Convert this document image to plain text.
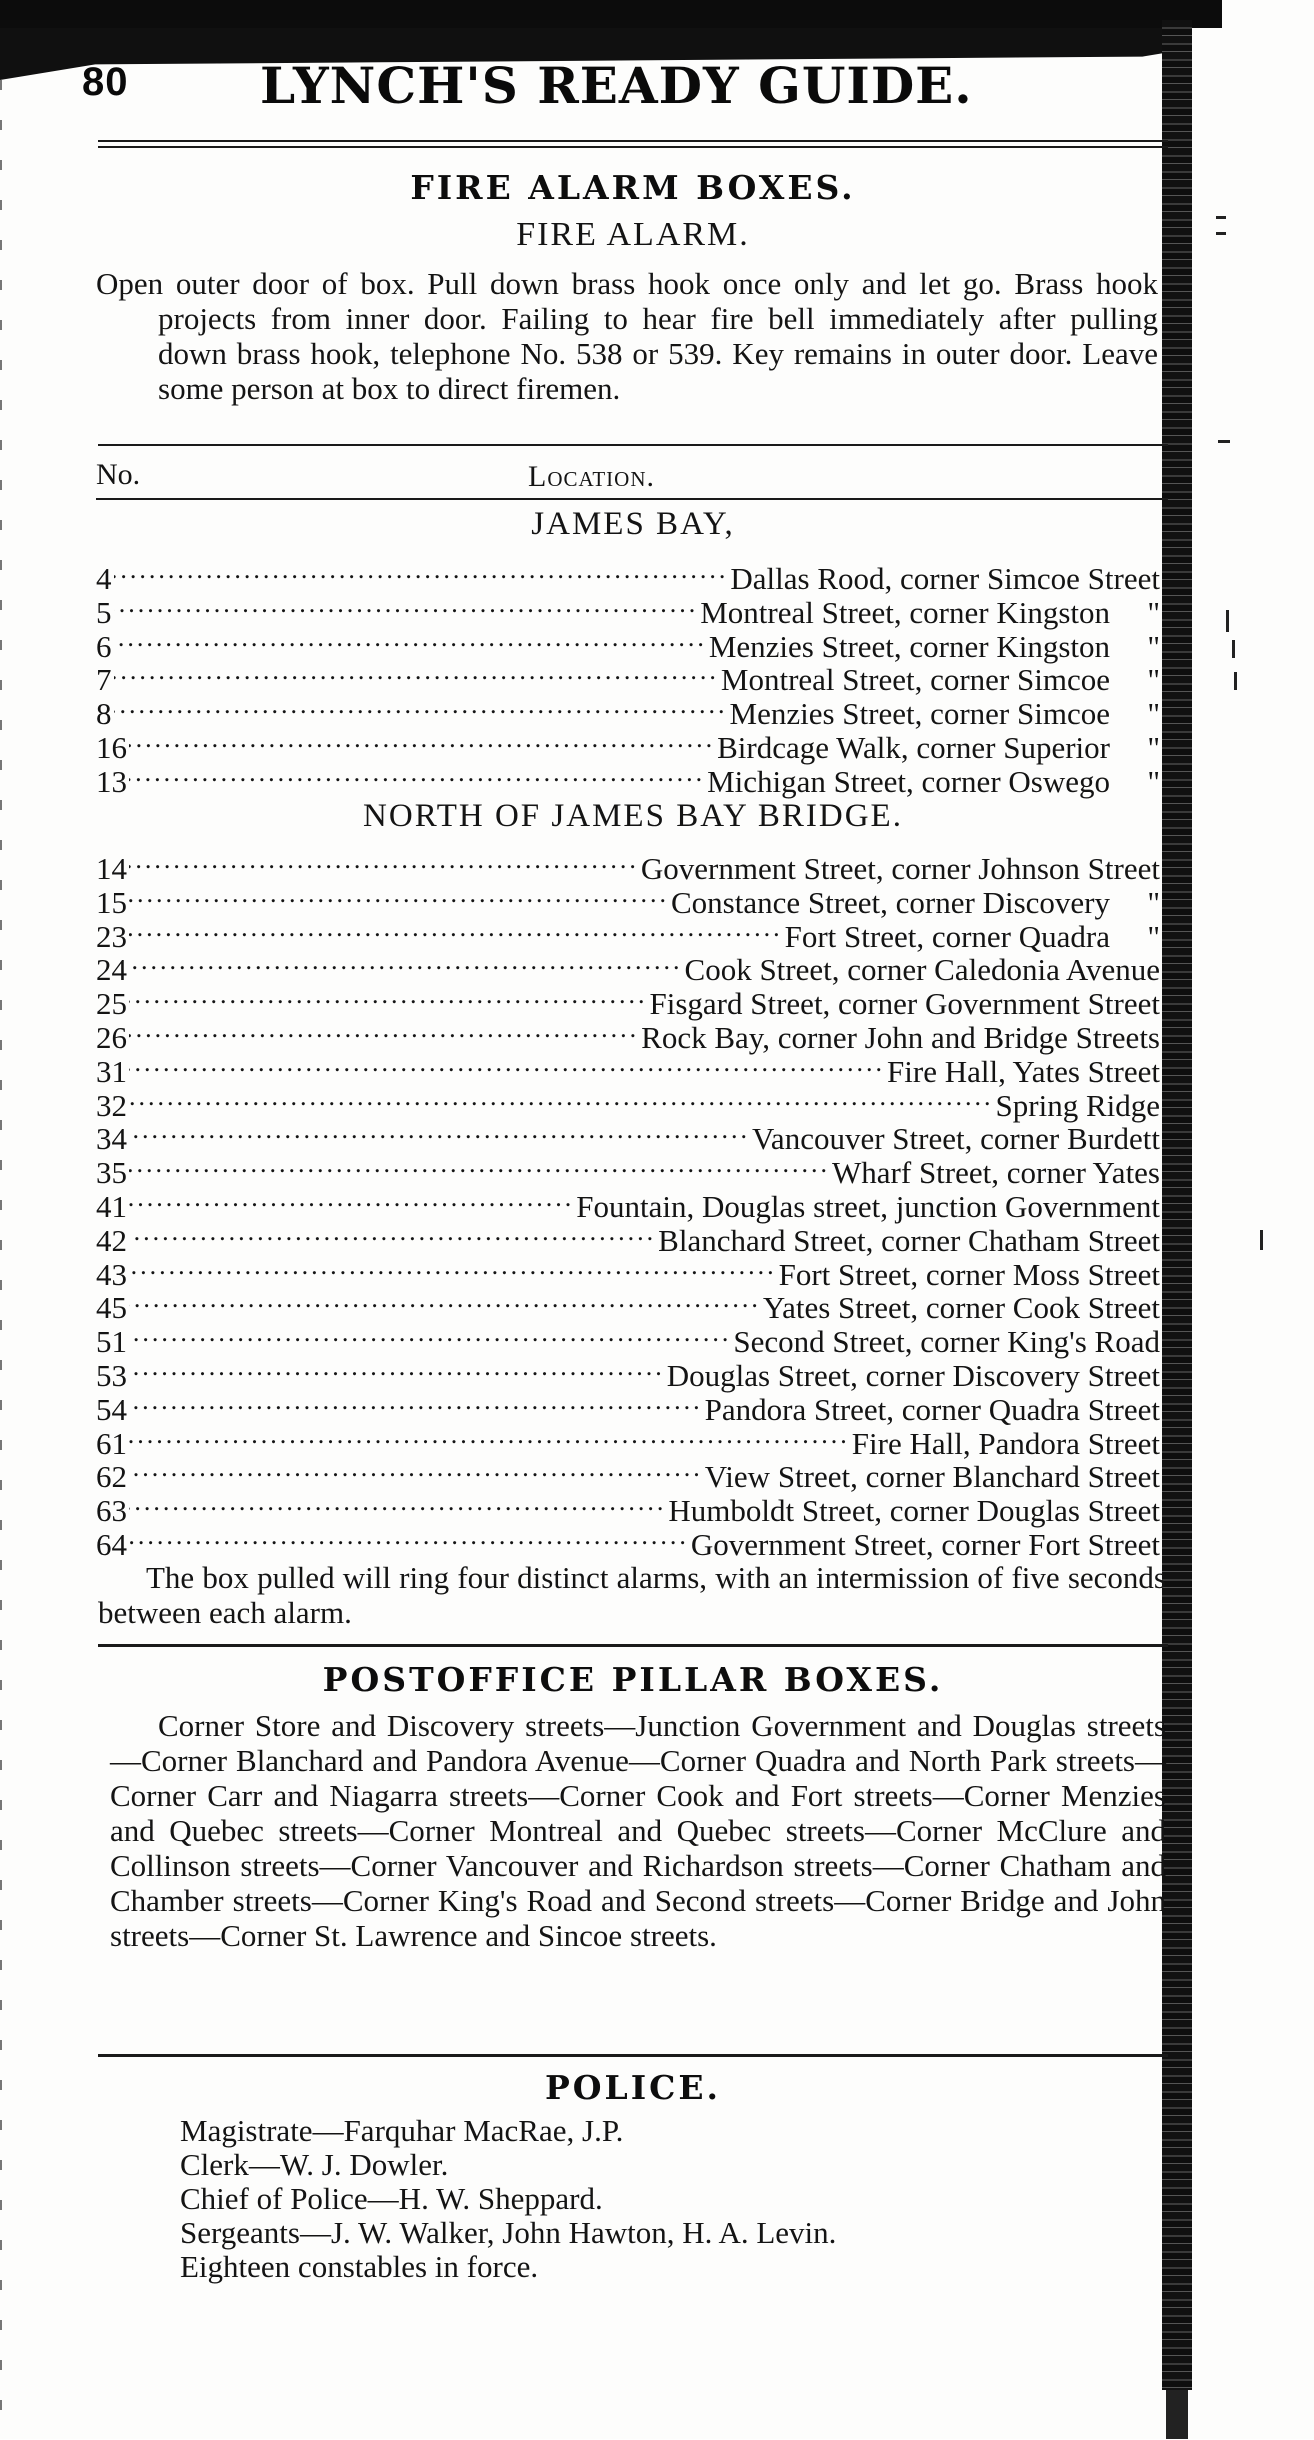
80	LYNCH'S READY GUIDE.
FIRE ALARM BOXES.
FIRE ALARM.

Open outer door of box. Pull down brass hook once only and let go. Brass hook projects from inner door. Failing to hear fire bell immediately after pulling down brass hook, telephone No. 538 or 539. Key remains in outer door. Leave some person at box to direct firemen.

No.	Location.
JAMES BAY,
4 .....	Dallas Rood, corner Simcoe Street
5 .....	Montreal Street, corner Kingston	"
6 .....	Menzies Street, corner Kingston	"
7 .....	Montreal Street, corner Simcoe	"
8 .....	Menzies Street, corner Simcoe	"
16 .....	Birdcage Walk, corner Superior	"
13 .....	Michigan Street, corner Oswego	"
NORTH OF JAMES BAY BRIDGE.
14 .....	Government Street, corner Johnson Street
15 .....	Constance Street, corner Discovery	"
23 .....	Fort Street, corner Quadra	"
24 .....	Cook Street, corner Caledonia Avenue
25 .....	Fisgard Street, corner Government Street
26 .....	Rock Bay, corner John and Bridge Streets
31 .....	Fire Hall, Yates Street
32 .....	Spring Ridge
34 .....	Vancouver Street, corner Burdett
35 .....	Wharf Street, corner Yates
41 .....	Fountain, Douglas street, junction Government
42 .....	Blanchard Street, corner Chatham Street
43 .....	Fort Street, corner Moss Street
45 .....	Yates Street, corner Cook Street
51 .....	Second Street, corner King's Road
53 .....	Douglas Street, corner Discovery Street
54 .....	Pandora Street, corner Quadra Street
61 .....	Fire Hall, Pandora Street
62 .....	View Street, corner Blanchard Street
63 .....	Humboldt Street, corner Douglas Street
64 .....	Government Street, corner Fort Street

The box pulled will ring four distinct alarms, with an intermission of five seconds between each alarm.

POSTOFFICE PILLAR BOXES.

Corner Store and Discovery streets—Junction Government and Douglas streets—Corner Blanchard and Pandora Avenue—Corner Quadra and North Park streets—Corner Carr and Niagarra streets—Corner Cook and Fort streets—Corner Menzies and Quebec streets—Corner Montreal and Quebec streets—Corner McClure and Collinson streets—Corner Vancouver and Richardson streets—Corner Chatham and Chamber streets—Corner King's Road and Second streets—Corner Bridge and John streets—Corner St. Lawrence and Sincoe streets.

POLICE.
Magistrate—Farquhar MacRae, J.P.
Clerk—W. J. Dowler.
Chief of Police—H. W. Sheppard.
Sergeants—J. W. Walker, John Hawton, H. A. Levin.
Eighteen constables in force.
